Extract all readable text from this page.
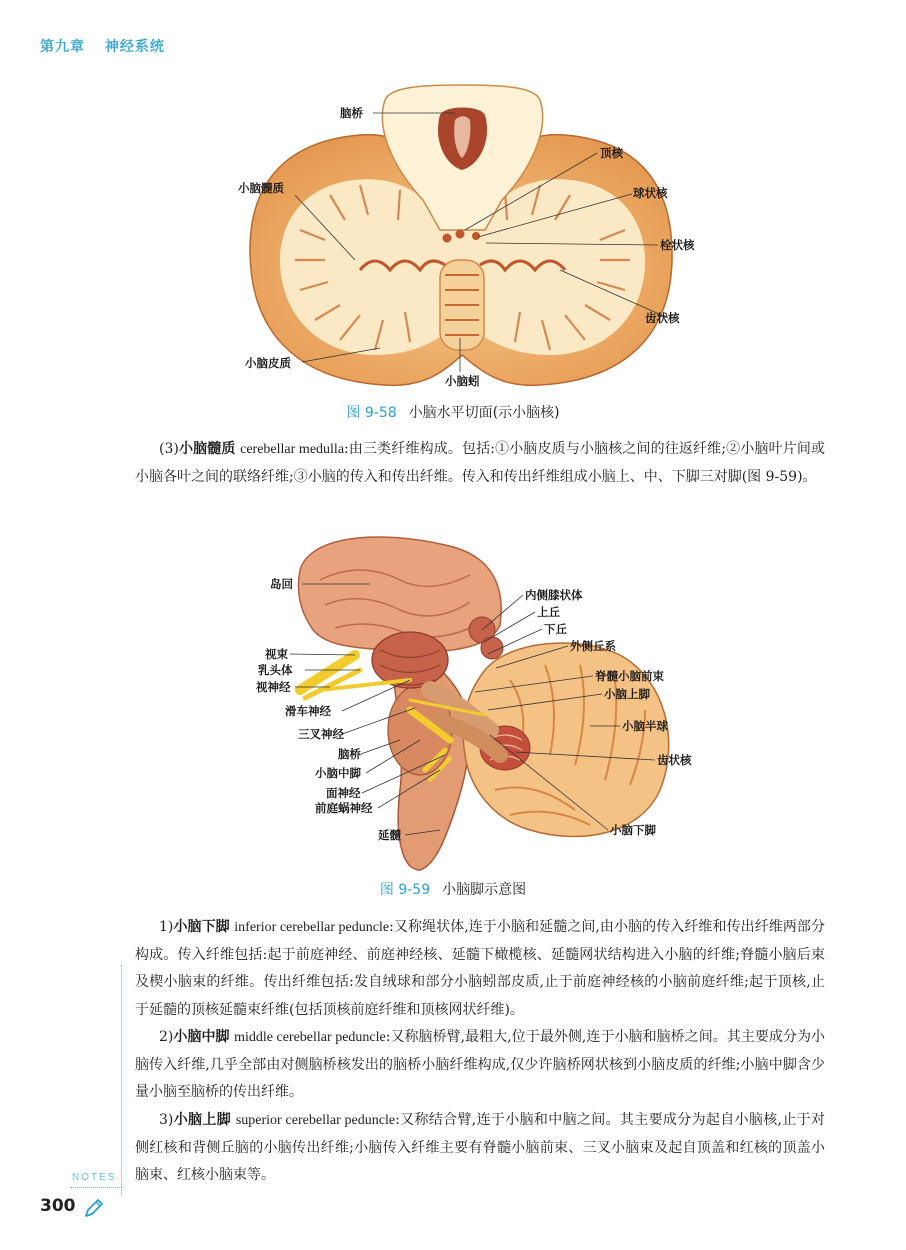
第九章 神经系统
脑桥
顶核
小脑髓质	球状核
栓状核
齿状核
小脑皮质
小脑蚓
图 9-58 小脑水平切面(示小脑核)
(3)小脑髓质 cerebellar medulla:由三类纤维构成。包括:①小脑皮质与小脑核之间的往返纤维;②小脑叶片间或小脑各叶之间的联络纤维;③小脑的传入和传出纤维。传入和传出纤维组成小脑上、中、下脚三对脚(图 9-59)。
岛回
内侧膝状体
上丘
下丘
外侧丘系
视束
脊髓小脑前束
乳头体
视神经	小脑上脚
滑车神经
小脑半球
三叉神经
脑桥	齿状核
小脑中脚
面神经
前庭蜗神经
小脑下脚
延髓
图 9-59 小脑脚示意图
1)小脑下脚 inferior cerebellar peduncle:又称绳状体,连于小脑和延髓之间,由小脑的传入纤维和传出纤维两部分构成。传入纤维包括:起于前庭神经、前庭神经核、延髓下橄榄核、延髓网状结构进入小脑的纤维;脊髓小脑后束及楔小脑束的纤维。传出纤维包括:发自绒球和部分小脑蚓部皮质,止于前庭神经核的小脑前庭纤维;起于顶核,止于延髓的顶核延髓束纤维(包括顶核前庭纤维和顶核网状纤维)。
2)小脑中脚 middle cerebellar peduncle:又称脑桥臂,最粗大,位于最外侧,连于小脑和脑桥之间。其主要成分为小脑传入纤维,几乎全部由对侧脑桥核发出的脑桥小脑纤维构成,仅少许脑桥网状核到小脑皮质的纤维;小脑中脚含少量小脑至脑桥的传出纤维。
3)小脑上脚 superior cerebellar peduncle:又称结合臂,连于小脑和中脑之间。其主要成分为起自小脑核,止于对侧红核和背侧丘脑的小脑传出纤维;小脑传入纤维主要有脊髓小脑前束、三叉小脑束及起自顶盖和红核的顶盖小脑束、红核小脑束等。
NOTES
300
